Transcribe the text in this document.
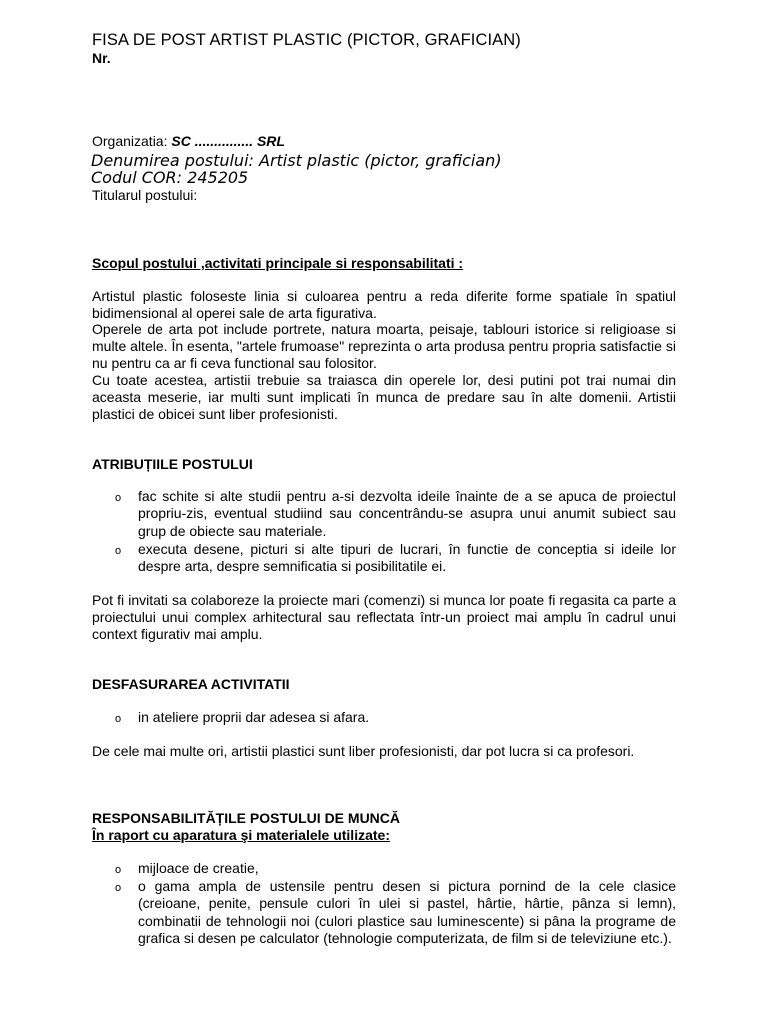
FISA DE POST ARTIST PLASTIC (PICTOR, GRAFICIAN)
Nr.
Organizatia: SC ............... SRL
Denumirea postului: Artist plastic (pictor, grafician)
Codul COR: 245205
Titularul postului:
Scopul postului ,activitati principale si responsabilitati :
Artistul plastic foloseste linia si culoarea pentru a reda diferite forme spatiale în spatiul bidimensional al operei sale de arta figurativa.
Operele de arta pot include portrete, natura moarta, peisaje, tablouri istorice si religioase si multe altele. În esenta, "artele frumoase" reprezinta o arta produsa pentru propria satisfactie si nu pentru ca ar fi ceva functional sau folositor.
Cu toate acestea, artistii trebuie sa traiasca din operele lor, desi putini pot trai numai din aceasta meserie, iar multi sunt implicati în munca de predare sau în alte domenii. Artistii plastici de obicei sunt liber profesionisti.
ATRIBUȚIILE POSTULUI
o fac schite si alte studii pentru a-si dezvolta ideile înainte de a se apuca de proiectul propriu-zis, eventual studiind sau concentrându-se asupra unui anumit subiect sau grup de obiecte sau materiale.
o executa desene, picturi si alte tipuri de lucrari, în functie de conceptia si ideile lor despre arta, despre semnificatia si posibilitatile ei.
Pot fi invitati sa colaboreze la proiecte mari (comenzi) si munca lor poate fi regasita ca parte a proiectului unui complex arhitectural sau reflectata într-un proiect mai amplu în cadrul unui context figurativ mai amplu.
DESFASURAREA ACTIVITATII
o in ateliere proprii dar adesea si afara.
De cele mai multe ori, artistii plastici sunt liber profesionisti, dar pot lucra si ca profesori.
RESPONSABILITĂȚILE POSTULUI DE MUNCĂ
În raport cu aparatura şi materialele utilizate:
o mijloace de creatie,
o o gama ampla de ustensile pentru desen si pictura pornind de la cele clasice (creioane, penite, pensule culori în ulei si pastel, hârtie, hârtie, pânza si lemn), combinatii de tehnologii noi (culori plastice sau luminescente) si pâna la programe de grafica si desen pe calculator (tehnologie computerizata, de film si de televiziune etc.).
